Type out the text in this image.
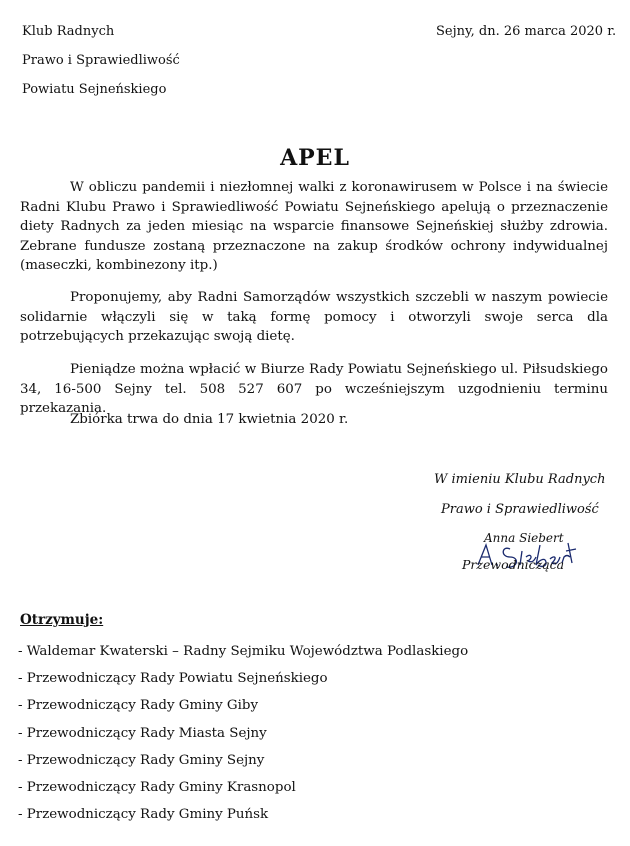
Klub Radnych
Prawo i Sprawiedliwość
Powiatu Sejneńskiego
Sejny, dn. 26 marca 2020 r.
APEL

W obliczu pandemii i niezłomnej walki z koronawirusem w Polsce i na świecie Radni Klubu Prawo i Sprawiedliwość Powiatu Sejneńskiego apelują o przeznaczenie diety Radnych za jeden miesiąc na wsparcie finansowe Sejneńskiej służby zdrowia. Zebrane fundusze zostaną przeznaczone na zakup środków ochrony indywidualnej (maseczki, kombinezony itp.)

Proponujemy, aby Radni Samorządów wszystkich szczebli w naszym powiecie solidarnie włączyli się w taką formę pomocy i otworzyli swoje serca dla potrzebujących przekazując swoją dietę.

Pieniądze można wpłacić w Biurze Rady Powiatu Sejneńskiego ul. Piłsudskiego 34, 16-500 Sejny tel. 508 527 607 po wcześniejszym uzgodnieniu terminu przekazania.

Zbiórka trwa do dnia 17 kwietnia 2020 r.

W imieniu Klubu Radnych
Prawo i Sprawiedliwość
Anna Siebert
Przewodnicząca
Otrzymuje:
- Waldemar Kwaterski – Radny Sejmiku Województwa Podlaskiego
- Przewodniczący Rady Powiatu Sejneńskiego
- Przewodniczący Rady Gminy Giby
- Przewodniczący Rady Miasta Sejny
- Przewodniczący Rady Gminy Sejny
- Przewodniczący Rady Gminy Krasnopol
- Przewodniczący Rady Gminy Puńsk
